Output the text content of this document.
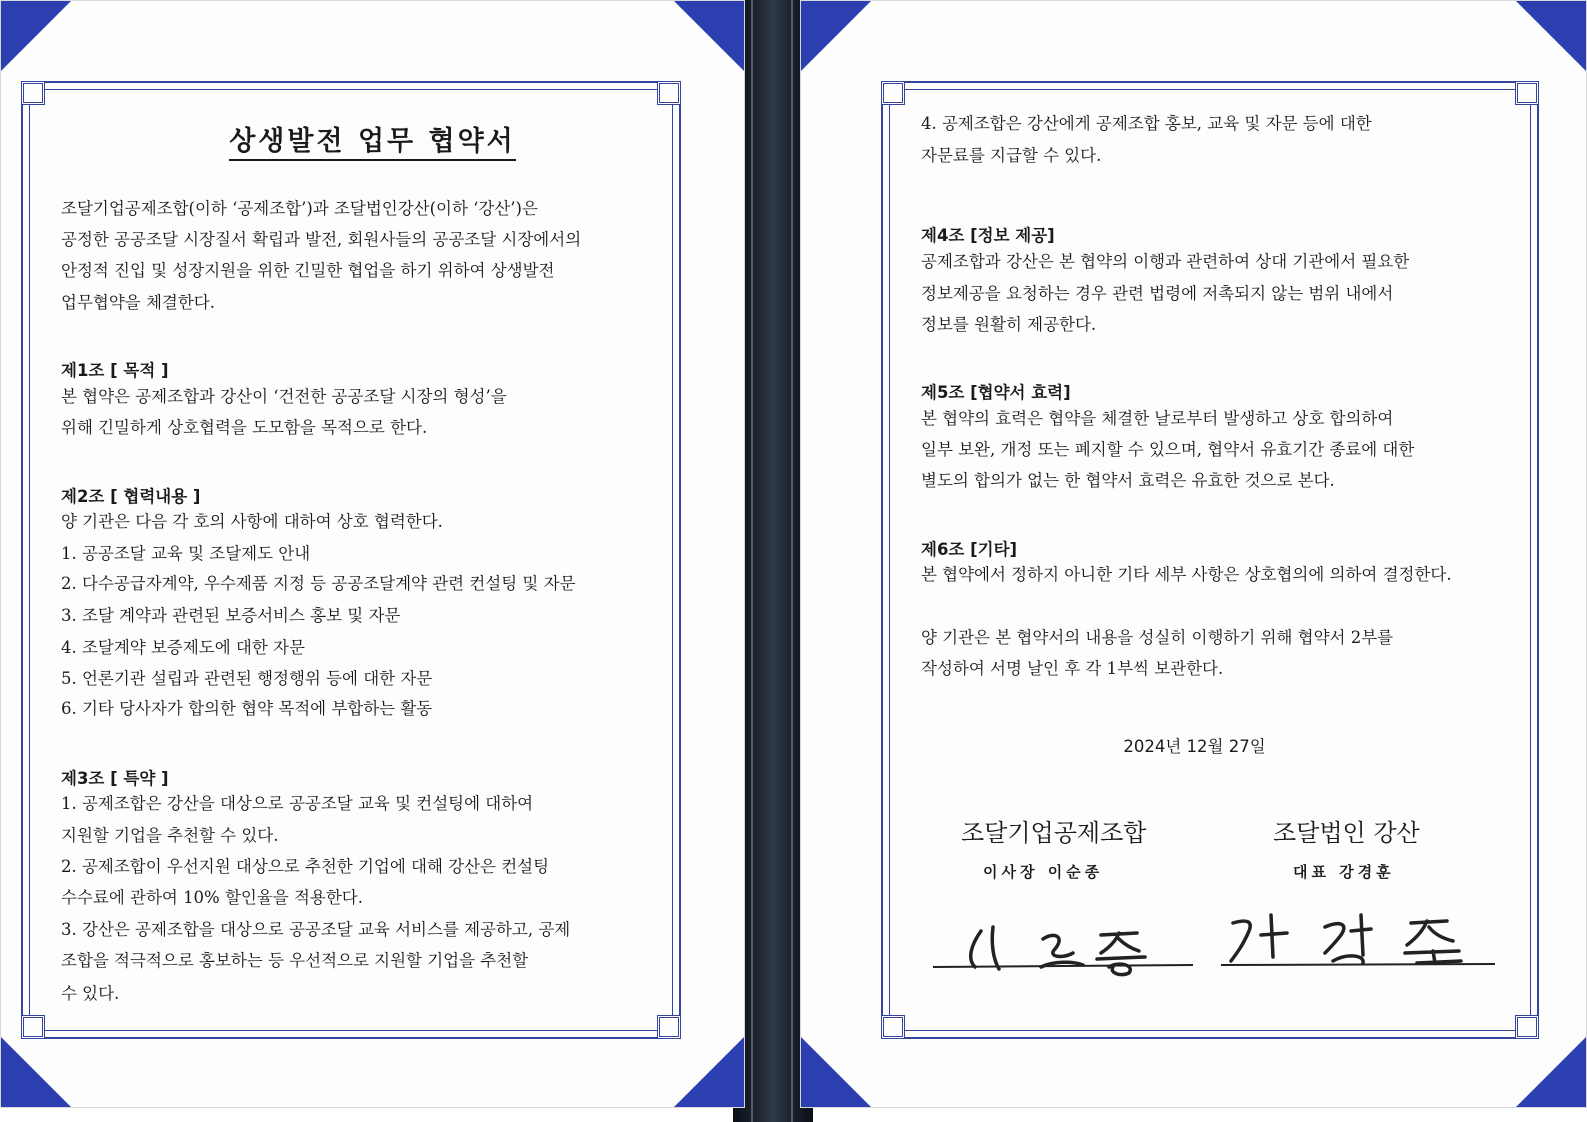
상생발전 업무 협약서
조달기업공제조합(이하 ‘공제조합’)과 조달법인강산(이하 ‘강산’)은
공정한 공공조달 시장질서 확립과 발전, 회원사들의 공공조달 시장에서의
안정적 진입 및 성장지원을 위한 긴밀한 협업을 하기 위하여 상생발전
업무협약을 체결한다.
제1조 [ 목적 ]
본 협약은 공제조합과 강산이 ‘건전한 공공조달 시장의 형성’을
위해 긴밀하게 상호협력을 도모함을 목적으로 한다.
제2조 [ 협력내용 ]
양 기관은 다음 각 호의 사항에 대하여 상호 협력한다.
1. 공공조달 교육 및 조달제도 안내
2. 다수공급자계약, 우수제품 지정 등 공공조달계약 관련 컨설팅 및 자문
3. 조달 계약과 관련된 보증서비스 홍보 및 자문
4. 조달계약 보증제도에 대한 자문
5. 언론기관 설립과 관련된 행정행위 등에 대한 자문
6. 기타 당사자가 합의한 협약 목적에 부합하는 활동
제3조 [ 특약 ]
1. 공제조합은 강산을 대상으로 공공조달 교육 및 컨설팅에 대하여
지원할 기업을 추천할 수 있다.
2. 공제조합이 우선지원 대상으로 추천한 기업에 대해 강산은 컨설팅
수수료에 관하여 10% 할인율을 적용한다.
3. 강산은 공제조합을 대상으로 공공조달 교육 서비스를 제공하고, 공제
조합을 적극적으로 홍보하는 등 우선적으로 지원할 기업을 추천할
수 있다.
4. 공제조합은 강산에게 공제조합 홍보, 교육 및 자문 등에 대한
자문료를 지급할 수 있다.
제4조 [정보 제공]
공제조합과 강산은 본 협약의 이행과 관련하여 상대 기관에서 필요한
정보제공을 요청하는 경우 관련 법령에 저촉되지 않는 범위 내에서
정보를 원활히 제공한다.
제5조 [협약서 효력]
본 협약의 효력은 협약을 체결한 날로부터 발생하고 상호 합의하여
일부 보완, 개정 또는 폐지할 수 있으며, 협약서 유효기간 종료에 대한
별도의 합의가 없는 한 협약서 효력은 유효한 것으로 본다.
제6조 [기타]
본 협약에서 정하지 아니한 기타 세부 사항은 상호협의에 의하여 결정한다.
양 기관은 본 협약서의 내용을 성실히 이행하기 위해 협약서 2부를
작성하여 서명 날인 후 각 1부씩 보관한다.
2024년 12월 27일
조달기업공제조합	조달법인 강산
이사장 이순종	대표 강경훈
